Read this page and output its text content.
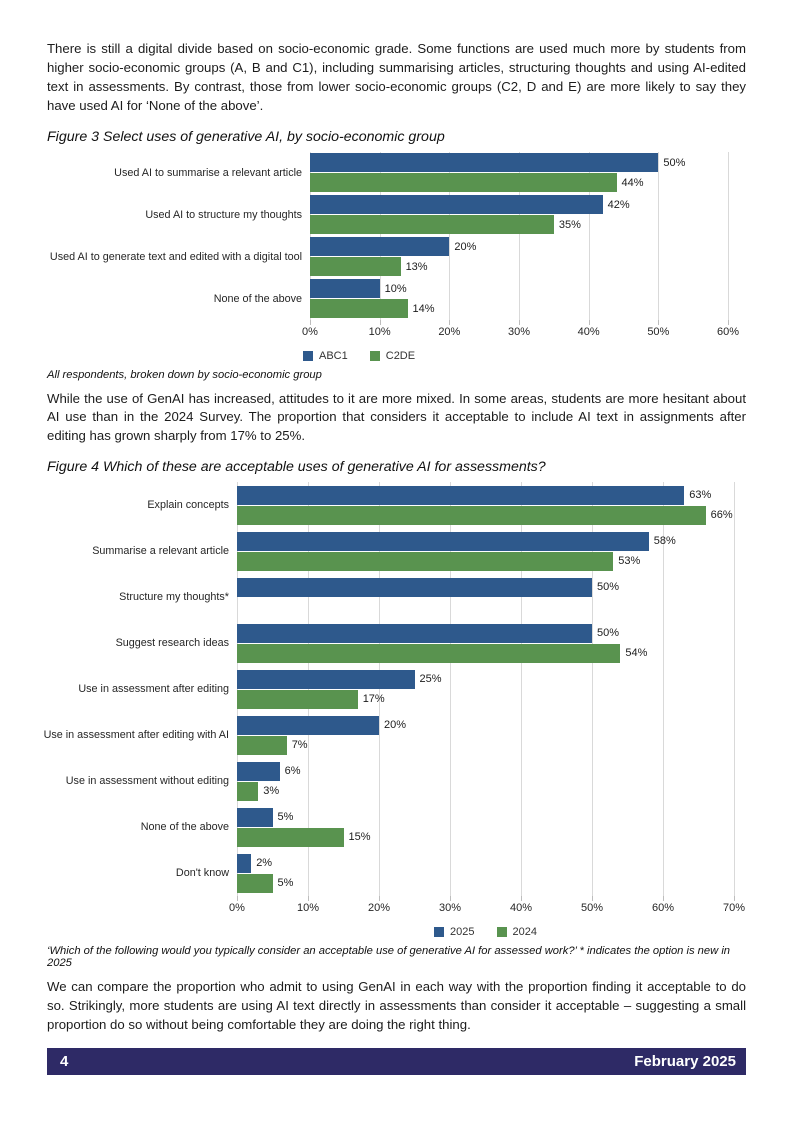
There is still a digital divide based on socio-economic grade. Some functions are used much more by students from higher socio-economic groups (A, B and C1), including summarising articles, structuring thoughts and using AI-edited text in assessments. By contrast, those from lower socio-economic groups (C2, D and E) are more likely to say they have used AI for ‘None of the above’.

Figure 3 Select uses of generative AI, by socio-economic group

Used AI to summarise a relevant article
50%
44%
Used AI to structure my thoughts
42%
35%
Used AI to generate text and edited with a digital tool
20%
13%
None of the above
10%
14%
0%	10%	20%	30%	40%	50%	60%
ABC1	C2DE

All respondents, broken down by socio-economic group

While the use of GenAI has increased, attitudes to it are more mixed. In some areas, students are more hesitant about AI use than in the 2024 Survey. The proportion that considers it acceptable to include AI text in assignments after editing has grown sharply from 17% to 25%.

Figure 4 Which of these are acceptable uses of generative AI for assessments?

Explain concepts
63%
66%
Summarise a relevant article
58%
53%
Structure my thoughts*
50%
Suggest research ideas
50%
54%
Use in assessment after editing
25%
17%
Use in assessment after editing with AI
20%
7%
Use in assessment without editing
6%
3%
None of the above
5%
15%
Don't know
2%
5%
0%	10%	20%	30%	40%	50%	60%	70%
2025	2024

‘Which of the following would you typically consider an acceptable use of generative AI for assessed work?’ * indicates the option is new in 2025

We can compare the proportion who admit to using GenAI in each way with the proportion finding it acceptable to do so. Strikingly, more students are using AI text directly in assessments than consider it acceptable – suggesting a small proportion do so without being comfortable they are doing the right thing.

4	February 2025
